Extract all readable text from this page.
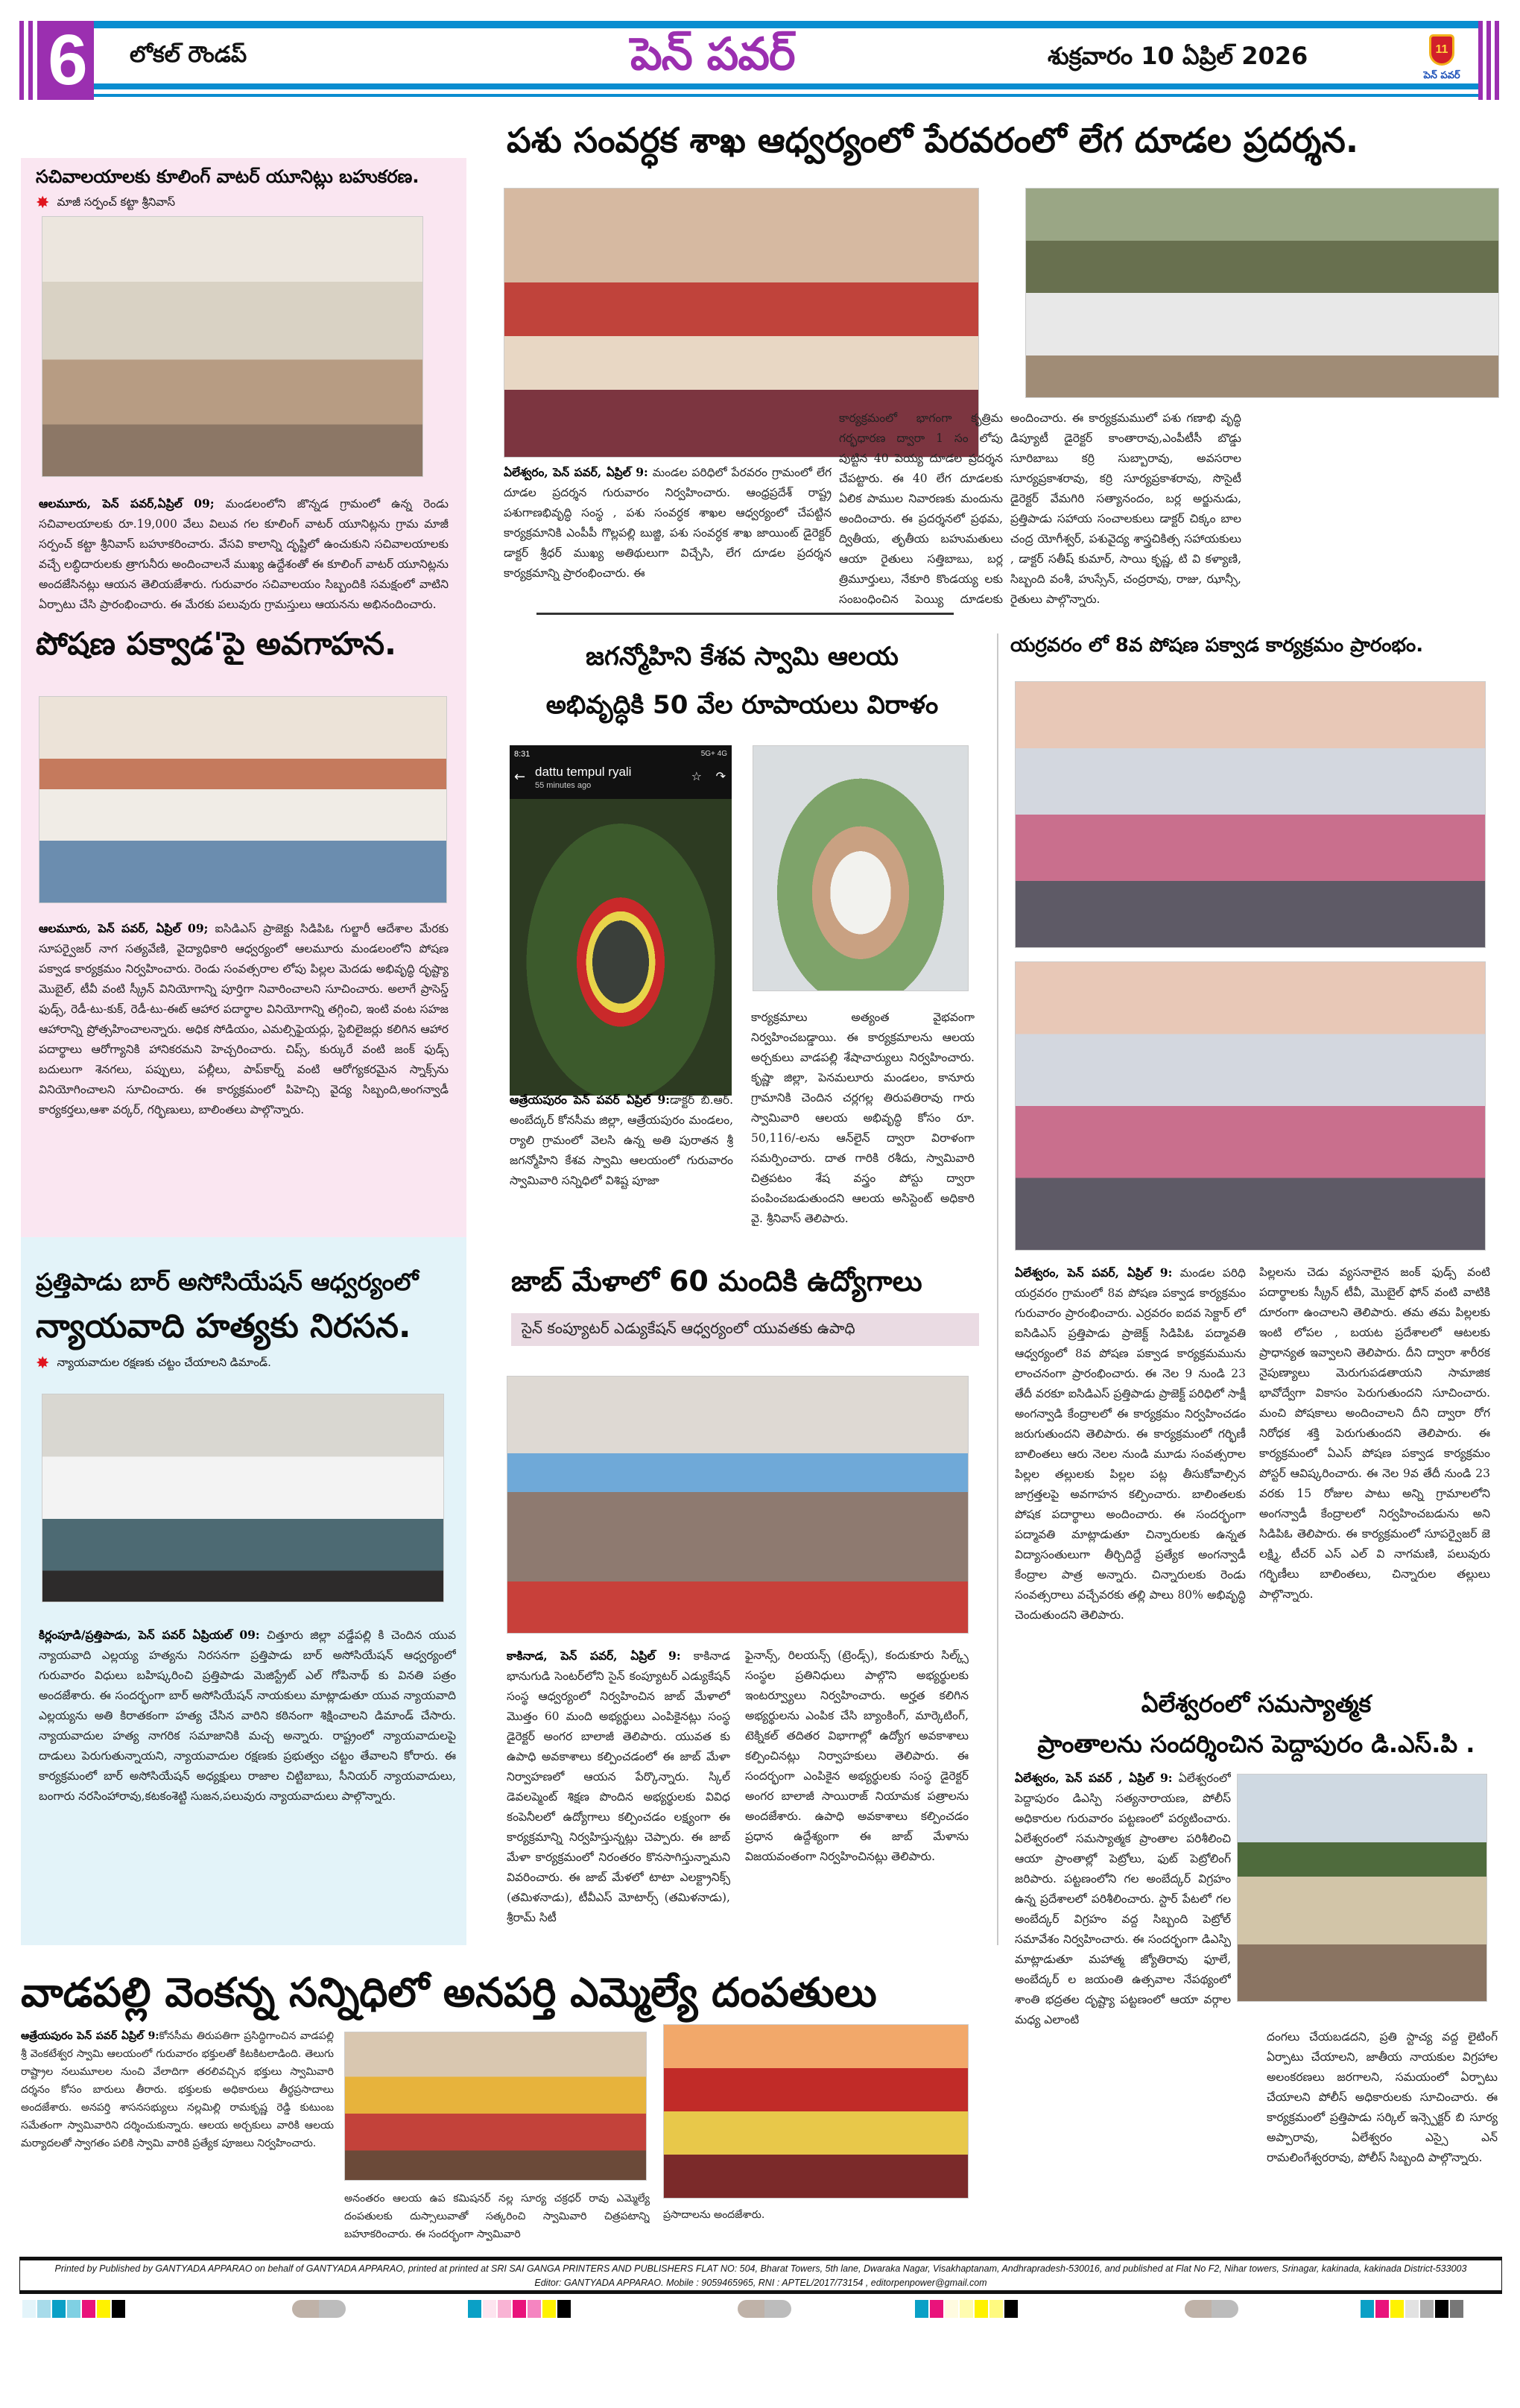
6 లోకల్ రౌండప్	పెన్ పవర్	శుక్రవారం 10 ఏప్రిల్ 2026	11
పెన్ పవర్
సచివాలయాలకు కూలింగ్ వాటర్ యూనిట్లు బహుకరణ.
✸ మాజీ సర్పంచ్ కట్టా శ్రీనివాస్
ఆలమూరు, పెన్ పవర్,ఏప్రిల్ 09; మండలంలోని జొన్నడ గ్రామంలో ఉన్న రెండు సచివాలయాలకు రూ.19,000 వేలు విలువ గల కూలింగ్ వాటర్ యూనిట్లను గ్రామ మాజీ సర్పంచ్ కట్టా శ్రీనివాస్ బహూకరించారు. వేసవి కాలాన్ని దృష్టిలో ఉంచుకుని సచివాలయాలకు వచ్చే లబ్ధిదారులకు త్రాగునీరు అందించాలనే ముఖ్య ఉద్దేశంతో ఈ కూలింగ్ వాటర్ యూనిట్లను అందజేసినట్లు ఆయన తెలియజేశారు. గురువారం సచివాలయం సిబ్బందికి సమక్షంలో వాటిని ఏర్పాటు చేసి ప్రారంభించారు. ఈ మేరకు పలువురు గ్రామస్తులు ఆయనను అభినందించారు.
పోషణ పక్వాడ'పై అవగాహన.
ఆలమూరు, పెన్ పవర్, ఏప్రిల్ 09; ఐసిడిఎస్ ప్రాజెక్టు సిడిపిఓ గుల్జారీ ఆదేశాల మేరకు సూపర్వైజర్ నాగ సత్యవేణి, వైద్యాధికారి ఆధ్వర్యంలో ఆలమూరు మండలంలోని పోషణ పక్వాడ కార్యక్రమం నిర్వహించారు. రెండు సంవత్సరాల లోపు పిల్లల మెదడు అభివృద్ధి దృష్ట్యా మొబైల్, టీవీ వంటి స్క్రీన్ వినియోగాన్ని పూర్తిగా నివారించాలని సూచించారు. అలాగే ప్రాసెస్డ్ ఫుడ్స్, రెడీ-టు-కుక్, రెడీ-టు-ఈట్ ఆహార పదార్థాల వినియోగాన్ని తగ్గించి, ఇంటి వంట సహజ ఆహారాన్ని ప్రోత్సహించాలన్నారు. అధిక సోడియం, ఎమల్సిఫైయర్లు, స్టెబిలైజర్లు కలిగిన ఆహార పదార్థాలు ఆరోగ్యానికి హానికరమని హెచ్చరించారు. చిప్స్, కుర్కురే వంటి జంక్ ఫుడ్స్ బదులుగా శెనగలు, పప్పులు, పల్లీలు, పాప్‌కార్న్ వంటి ఆరోగ్యకరమైన స్నాక్స్‌ను వినియోగించాలని సూచించారు. ఈ కార్యక్రమంలో పిహెచ్సి వైద్య సిబ్బంది,అంగన్వాడీ కార్యకర్తలు,ఆశా వర్కర్, గర్భిణులు, బాలింతలు పాల్గొన్నారు.
ప్రత్తిపాడు బార్ అసోసియేషన్ ఆధ్వర్యంలో
న్యాయవాది హత్యకు నిరసన.
✸ న్యాయవాదుల రక్షణకు చట్టం చేయాలని డిమాండ్.
కిర్లంపూడి/ప్రత్తిపాడు, పెన్ పవర్ ఏప్రియల్ 09: చిత్తూరు జిల్లా వడ్డేపల్లి కి చెందిన యువ న్యాయవాది ఎల్లయ్య హత్యను నిరసనగా ప్రత్తిపాడు బార్ అసోసియేషన్ ఆధ్వర్యంలో గురువారం విధులు బహిష్కరించి ప్రత్తిపాడు మెజిస్ట్రేట్ ఎల్ గోపినాథ్ కు వినతి పత్రం అందజేశారు. ఈ సందర్భంగా బార్ అసోసియేషన్ నాయకులు మాట్లాడుతూ యువ న్యాయవాది ఎల్లయ్యను అతి కిరాతకంగా హత్య చేసిన వారిని కఠినంగా శిక్షించాలని డిమాండ్ చేసారు. న్యాయవాదుల హత్య నాగరిక సమాజానికి మచ్చ అన్నారు. రాష్ట్రంలో న్యాయవాదులపై దాడులు పెరుగుతున్నాయని, న్యాయవాదుల రక్షణకు ప్రభుత్వం చట్టం తేవాలని కోరారు. ఈ కార్యక్రమంలో బార్ అసోసియేషన్ అధ్యక్షులు రాజాల చిట్టిబాబు, సీనియర్ న్యాయవాదులు, బంగారు నరసింహారావు,కటకంశెట్టి సుజన,పలువురు న్యాయవాదులు పాల్గొన్నారు.
పశు సంవర్ధక శాఖ ఆధ్వర్యంలో పేరవరంలో లేగ దూడల ప్రదర్శన.
ఏలేశ్వరం, పెన్ పవర్, ఏప్రిల్ 9: మండల పరిధిలో పేరవరం గ్రామంలో లేగ దూడల ప్రదర్శన గురువారం నిర్వహించారు. ఆంధ్రప్రదేశ్ రాష్ట్ర పశుగాణభివృద్ధి సంస్థ , పశు సంవర్ధక శాఖల ఆధ్వర్యంలో చేపట్టిన కార్యక్రమానికి ఎంపీపీ గొల్లపల్లి బుజ్జి, పశు సంవర్ధక శాఖ జాయింట్ డైరెక్టర్ డాక్టర్ శ్రీధర్ ముఖ్య అతిథులుగా విచ్చేసి, లేగ దూడల ప్రదర్శన కార్యక్రమాన్ని ప్రారంభించారు. ఈ
కార్యక్రమంలో భాగంగా కృత్రిమ గర్భధారణ ద్వారా 1 సం లోపు పుట్టిన 40 పెయ్య దూడల ప్రదర్శన చేపట్టారు. ఈ 40 లేగ దూడలకు ఏలిక పాముల నివారణకు మందును అందించారు. ఈ ప్రదర్శనలో ప్రథమ, ద్వితీయ, తృతీయ బహుమతులు ఆయా రైతులు సత్తిబాబు, బర్ల త్రిమూర్తులు, నేకూరి కొండయ్య లకు సంబంధించిన పెయ్యి దూడలకు
అందించారు. ఈ కార్యక్రమములో పశు గణాభి వృద్ధి డిప్యూటీ డైరెక్టర్ కాంతారావు,ఎంపీటీసీ బొడ్డు సూరిబాబు కర్రి సుబ్బారావు, అవసరాల సూర్యప్రకాశరావు, కర్రి సూర్యప్రకాశరావు, సొసైటీ డైరెక్టర్ వేమగిరి సత్యానందం, బర్ల అర్జునుడు, ప్రత్తిపాడు సహాయ సంచాలకులు డాక్టర్ చిక్కం బాల చంద్ర యోగీశ్వర్, పశువైద్య శాస్త్రచికిత్స సహాయకులు , డాక్టర్ సతీష్ కుమార్, సాయి కృష్ణ, టి వి కళ్యాణి, సిబ్బంది వంశీ, హుస్సేన్, చంద్రరావు, రాజు, ఝాన్సీ, రైతులు పాల్గొన్నారు.
జగన్మోహిని కేశవ స్వామి ఆలయ
అభివృద్ధికి 50 వేల రూపాయలు విరాళం
8:31	5G+ 4G
← dattu tempul ryali
55 minutes ago
☆ ↷
ఆత్రేయపురం పెన్ పవర్ ఏప్రిల్ 9:డాక్టర్ బి.ఆర్. అంబేద్కర్ కోనసీమ జిల్లా, ఆత్రేయపురం మండలం, ర్యాలి గ్రామంలో వెలసి ఉన్న అతి పురాతన శ్రీ జగన్మోహిని కేశవ స్వామి ఆలయంలో గురువారం స్వామివారి సన్నిధిలో విశిష్ట పూజా
కార్యక్రమాలు అత్యంత వైభవంగా నిర్వహించబడ్డాయి. ఈ కార్యక్రమాలను ఆలయ అర్చకులు వాడపల్లి శేషాచార్యులు నిర్వహించారు. కృష్ణా జిల్లా, పెనమలూరు మండలం, కానూరు గ్రామానికి చెందిన చర్లగల్ల తిరుపతిరావు గారు స్వామివారి ఆలయ అభివృద్ధి కోసం రూ. 50,116/-లను ఆన్‌లైన్ ద్వారా విరాళంగా సమర్పించారు. దాత గారికి రశీదు, స్వామివారి చిత్రపటం శేష వస్త్రం పోస్టు ద్వారా పంపించబడుతుందని ఆలయ అసిస్టెంట్ అధికారి వై. శ్రీనివాస్ తెలిపారు.
జాబ్ మేళాలో 60 మందికి ఉద్యోగాలు
సైన్ కంప్యూటర్ ఎడ్యుకేషన్ ఆధ్వర్యంలో యువతకు ఉపాధి
కాకినాడ, పెన్ పవర్, ఏప్రిల్ 9: కాకినాడ భానుగుడి సెంటర్‌లోని సైన్ కంప్యూటర్ ఎడ్యుకేషన్ సంస్థ ఆధ్వర్యంలో నిర్వహించిన జాబ్ మేళాలో మొత్తం 60 మంది అభ్యర్థులు ఎంపికైనట్లు సంస్థ డైరెక్టర్ అంగర బాలాజీ తెలిపారు. యువత కు ఉపాధి అవకాశాలు కల్పించడంలో ఈ జాబ్ మేళా నిర్వాహణలో ఆయన పేర్కొన్నారు. స్కిల్ డెవలప్మెంట్ శిక్షణ పొందిన అభ్యర్థులకు వివిధ కంపెనీలలో ఉద్యోగాలు కల్పించడం లక్ష్యంగా ఈ కార్యక్రమాన్ని నిర్వహిస్తున్నట్లు చెప్పారు. ఈ జాబ్ మేళా కార్యక్రమంలో నిరంతరం కొనసాగిస్తున్నామని వివరించారు. ఈ జాబ్ మేళలో టాటా ఎలక్ట్రానిక్స్ (తమిళనాడు), టీవీఎస్ మోటార్స్ (తమిళనాడు), శ్రీరామ్ సిటీ
ఫైనాన్స్, రిలయన్స్ (ట్రెండ్స్), కందుకూరు సిల్క్స్ సంస్థల ప్రతినిధులు పాల్గొని అభ్యర్థులకు ఇంటర్వ్యూలు నిర్వహించారు. అర్హత కలిగిన అభ్యర్థులను ఎంపిక చేసి బ్యాంకింగ్, మార్కెటింగ్, టెక్నికల్ తదితర విభాగాల్లో ఉద్యోగ అవకాశాలు కల్పించినట్లు నిర్వాహకులు తెలిపారు. ఈ సందర్భంగా ఎంపికైన అభ్యర్థులకు సంస్థ డైరెక్టర్ అంగర బాలాజీ సాయిరాజ్ నియామక పత్రాలను అందజేశారు. ఉపాధి అవకాశాలు కల్పించడం ప్రధాన ఉద్దేశ్యంగా ఈ జాబ్ మేళాను విజయవంతంగా నిర్వహించినట్లు తెలిపారు.
యర్రవరం లో 8వ పోషణ పక్వాడ కార్యక్రమం ప్రారంభం.
ఏలేశ్వరం, పెన్ పవర్, ఏప్రిల్ 9: మండల పరిధి యర్రవరం గ్రామంలో 8వ పోషణ పక్వాడ కార్యక్రమం గురువారం ప్రారంభించారు. ఎర్రవరం ఐదవ సెక్టార్ లో ఐసిడిఎస్ ప్రత్తిపాడు ప్రాజెక్ట్ సిడిపిఓ పద్మావతి ఆధ్వర్యంలో 8వ పోషణ పక్వాడ కార్యక్రమమును లాంచనంగా ప్రారంభించారు. ఈ నెల 9 నుండి 23 తేదీ వరకూ ఐసిడిఎస్ ప్రత్తిపాడు ప్రాజెక్ట్ పరిధిలో సాక్షీ అంగన్వాడి కేంద్రాలలో ఈ కార్యక్రమం నిర్వహించడం జరుగుతుందని తెలిపారు. ఈ కార్యక్రమంలో గర్భిణీ బాలింతలు ఆరు నెలల నుండి మూడు సంవత్సరాల పిల్లల తల్లులకు పిల్లల పట్ల తీసుకోవాల్సిన జాగ్రత్తలపై అవగాహన కల్పించారు. బాలింతలకు పోషక పదార్థాలు అందించారు. ఈ సందర్భంగా పద్మావతి మాట్లాడుతూ చిన్నారులకు ఉన్నత విద్యాసంతులుగా తీర్చిదిద్దే ప్రత్యేక అంగన్వాడీ కేంద్రాల పాత్ర అన్నారు. చిన్నారులకు రెండు సంవత్సరాలు వచ్చేవరకు తల్లి పాలు 80% అభివృద్ధి చెందుతుందని తెలిపారు.
పిల్లలను చెడు వ్యసనాలైన జంక్ ఫుడ్స్ వంటి పదార్థాలకు స్క్రీన్ టీవీ, మొబైల్ ఫోన్ వంటి వాటికి దూరంగా ఉంచాలని తెలిపారు. తమ తమ పిల్లలకు ఇంటి లోపల , బయట ప్రదేశాలలో ఆటలకు ప్రాధాన్యత ఇవ్వాలని తెలిపారు. దీని ద్వారా శారీరక నైపుణ్యాలు మెరుగుపడతాయని సామాజిక భావోద్వేగా వికాసం పెరుగుతుందని సూచించారు. మంచి పోషకాలు అందించాలని దీని ద్వారా రోగ నిరోధక శక్తి పెరుగుతుందని తెలిపారు. ఈ కార్యక్రమంలో ఏఎస్ పోషణ పక్వాడ కార్యక్రమం పోస్టర్ ఆవిష్కరించారు. ఈ నెల 9వ తేదీ నుండి 23 వరకు 15 రోజుల పాటు అన్ని గ్రామాలలోని అంగన్వాడీ కేంద్రాలలో నిర్వహించబడును అని సిడిపిఓ తెలిపారు. ఈ కార్యక్రమంలో సూపర్వైజర్ జె లక్ష్మి, టీచర్ ఎస్ ఎల్ వి నాగమణి, పలువురు గర్భిణీలు బాలింతలు, చిన్నారుల తల్లులు పాల్గొన్నారు.
ఏలేశ్వరంలో సమస్యాత్మక
ప్రాంతాలను సందర్శించిన పెద్దాపురం డి.ఎస్.పి .
ఏలేశ్వరం, పెన్ పవర్ , ఏప్రిల్ 9: ఏలేశ్వరంలో పెద్దాపురం డిఎస్పి సత్యనారాయణ, పోలీస్ అధికారుల గురువారం పట్టణంలో పర్యటించారు. ఏలేశ్వరంలో సమస్యాత్మక ప్రాంతాల పరిశీలించి ఆయా ప్రాంతాల్లో పెట్రోలు, ఫుట్ పెట్రోలింగ్ జరిపారు. పట్టణంలోని గల అంబేద్కర్ విగ్రహం ఉన్న ప్రదేశాలలో పరిశీలించారు. స్టార్ పేటలో గల అంబేద్కర్ విగ్రహం వద్ద సిబ్బంది పెట్రోల్ సమావేశం నిర్వహించారు. ఈ సందర్భంగా డిఎస్పి మాట్లాడుతూ మహాత్మ జ్యోతిరావు ఫూలే, అంబేద్కర్ ల జయంతి ఉత్సవాల నేపథ్యంలో శాంతి భద్రతల దృష్ట్యా పట్టణంలో ఆయా వర్గాల మధ్య ఎలాంటి
దంగలు చేయబడదని, ప్రతి స్టాచ్య వద్ద లైటింగ్ ఏర్పాటు చేయాలని, జాతీయ నాయకుల విగ్రహాల అలంకరణలు జరగాలని, సమయంలో ఏర్పాటు చేయాలని పోలీస్ అధికారులకు సూచించారు. ఈ కార్యక్రమంలో ప్రత్తిపాడు సర్కిల్ ఇన్స్పెక్టర్ బి సూర్య అప్పారావు, ఏలేశ్వరం ఎస్సై ఎన్ రామలింగేశ్వరరావు, పోలీస్ సిబ్బంది పాల్గొన్నారు.
వాడపల్లి వెంకన్న సన్నిధిలో అనపర్తి ఎమ్మెల్యే దంపతులు
ఆత్రేయపురం పెన్ పవర్ ఏప్రిల్ 9:కోనసీమ తిరుపతిగా ప్రసిద్ధిగాంచిన వాడపల్లి శ్రీ వెంకటేశ్వర స్వామి ఆలయంలో గురువారం భక్తులతో కిటకిటలాడింది. తెలుగు రాష్ట్రాల నలుమూలల నుంచి వేలాదిగా తరలివచ్చిన భక్తులు స్వామివారి దర్శనం కోసం బారులు తీరారు. భక్తులకు అధికారులు తీర్థప్రసాదాలు అందజేశారు. అనపర్తి శాసనసభ్యులు నల్లమిల్లి రామకృష్ణ రెడ్డి కుటుంబ సమేతంగా స్వామివారిని దర్శించుకున్నారు. ఆలయ అర్చకులు వారికి ఆలయ మర్యాదలతో స్వాగతం పలికి స్వామి వారికి ప్రత్యేక పూజలు నిర్వహించారు.
అనంతరం ఆలయ ఉప కమిషనర్ నల్ల సూర్య చక్రధర్ రావు ఎమ్మెల్యే దంపతులకు దుస్సాలువాతో సత్కరించి స్వామివారి చిత్రపటాన్ని బహూకరించారు. ఈ సందర్భంగా స్వామివారి
ప్రసాదాలను అందజేశారు.
Printed by Published by GANTYADA APPARAO on behalf of GANTYADA APPARAO, printed at printed at SRI SAI GANGA PRINTERS AND PUBLISHERS FLAT NO: 504, Bharat Towers, 5th lane, Dwaraka Nagar, Visakhaptanam, Andhrapradesh-530016, and published at Flat No F2, Nihar towers, Srinagar, kakinada, kakinada District-533003
Editor: GANTYADA APPARAO. Mobile : 9059465965, RNI : APTEL/2017/73154 , editorpenpower@gmail.com
